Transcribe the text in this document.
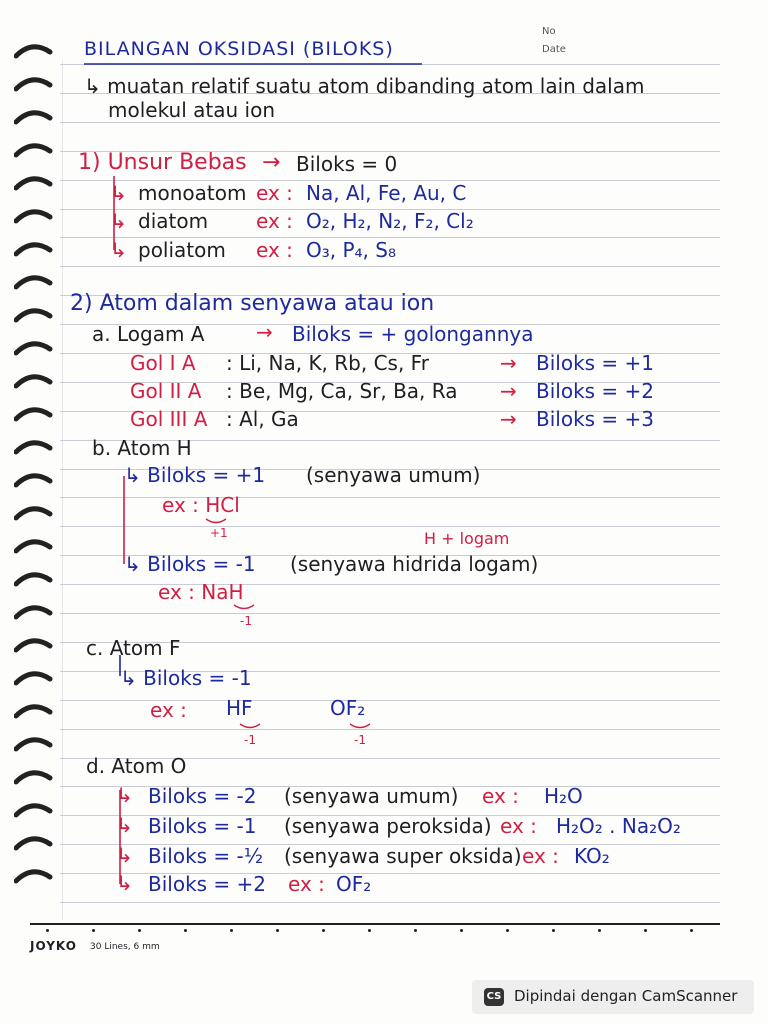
BILANGAN OKSIDASI (BILOKS)
No
Date
↳ muatan relatif suatu atom dibanding atom lain dalam
molekul atau ion
1) Unsur Bebas → Biloks = 0
↳ monoatom ex : Na, Al, Fe, Au, C
↳ diatom ex : O₂, H₂, N₂, F₂, Cl₂
↳ poliatom ex : O₃, P₄, S₈
2) Atom dalam senyawa atau ion
a. Logam A	→ Biloks = + golongannya
Gol I A : Li, Na, K, Rb, Cs, Fr	→ Biloks = +1
Gol II A : Be, Mg, Ca, Sr, Ba, Ra → Biloks = +2
Gol III A : Al, Ga	→ Biloks = +3
b. Atom H
↳ Biloks = +1 (senyawa umum)
ex : HCl
+1	H + logam
↳ Biloks = -1 (senyawa hidrida logam)
ex : NaH
-1
c. Atom F
↳ Biloks = -1
ex : HF
-1
OF₂
-1
d. Atom O
↳ Biloks = -2 (senyawa umum) ex : H₂O
↳ Biloks = -1 (senyawa peroksida) ex : H₂O₂ . Na₂O₂
↳ Biloks = -½ (senyawa super oksida) ex : KO₂
↳ Biloks = +2 ex : OF₂
JOYKO 30 Lines, 6 mm
CS Dipindai dengan CamScanner
